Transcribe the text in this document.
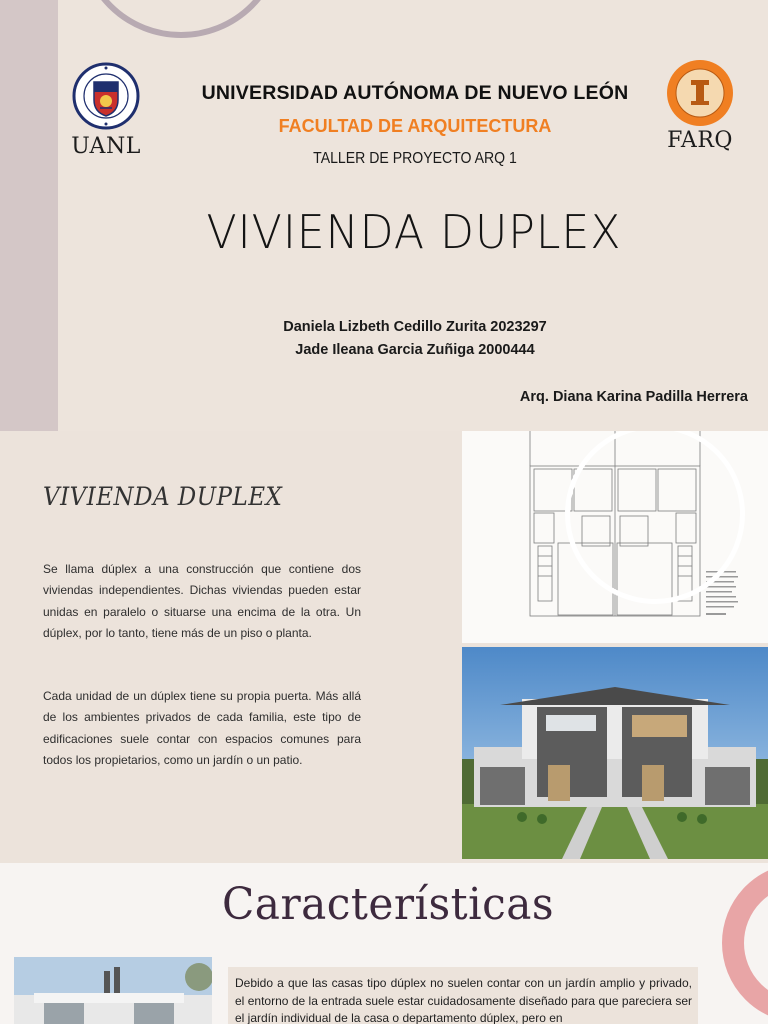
UANL	FARQ
UNIVERSIDAD AUTÓNOMA DE NUEVO LEÓN
FACULTAD DE ARQUITECTURA
TALLER DE PROYECTO ARQ 1
VIVIENDA DUPLEX
Daniela Lizbeth Cedillo Zurita 2023297
Jade Ileana Garcia Zuñiga 2000444
Arq. Diana Karina Padilla Herrera
VIVIENDA DUPLEX

Se llama dúplex a una construcción que contiene dos viviendas independientes. Dichas viviendas pueden estar unidas en paralelo o situarse una encima de la otra. Un dúplex, por lo tanto, tiene más de un piso o planta.

Cada unidad de un dúplex tiene su propia puerta. Más allá de los ambientes privados de cada familia, este tipo de edificaciones suele contar con espacios comunes para todos los propietarios, como un jardín o un patio.

Características

Debido a que las casas tipo dúplex no suelen contar con un jardín amplio y privado, el entorno de la entrada suele estar cuidadosamente diseñado para que pareciera ser el jardín individual de la casa o departamento dúplex, pero en
